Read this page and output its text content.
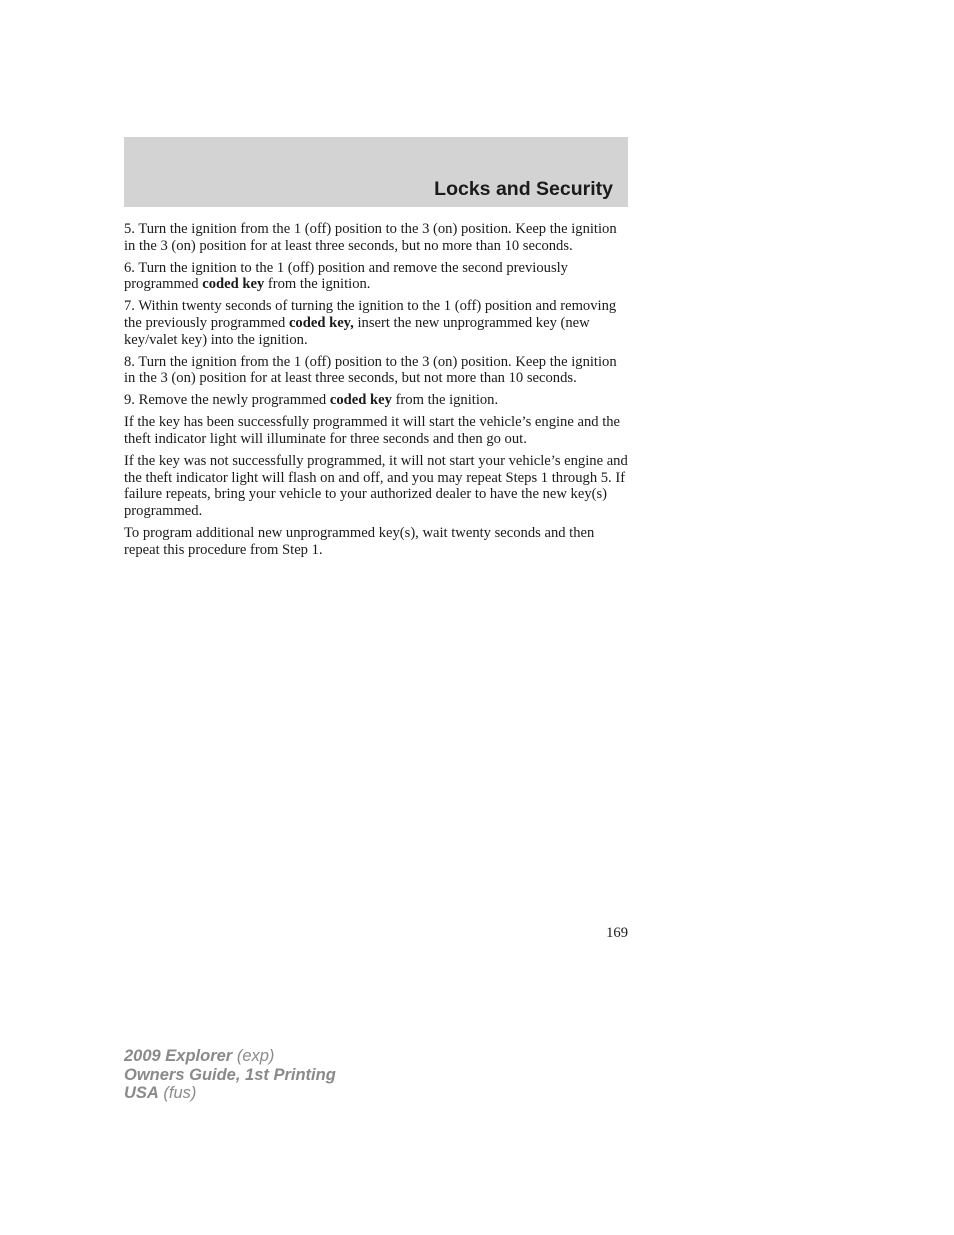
Locks and Security

5. Turn the ignition from the 1 (off) position to the 3 (on) position. Keep the ignition in the 3 (on) position for at least three seconds, but no more than 10 seconds.

6. Turn the ignition to the 1 (off) position and remove the second previously programmed coded key from the ignition.

7. Within twenty seconds of turning the ignition to the 1 (off) position and removing the previously programmed coded key, insert the new unprogrammed key (new key/valet key) into the ignition.

8. Turn the ignition from the 1 (off) position to the 3 (on) position. Keep the ignition in the 3 (on) position for at least three seconds, but not more than 10 seconds.

9. Remove the newly programmed coded key from the ignition.

If the key has been successfully programmed it will start the vehicle’s engine and the theft indicator light will illuminate for three seconds and then go out.

If the key was not successfully programmed, it will not start your vehicle’s engine and the theft indicator light will flash on and off, and you may repeat Steps 1 through 5. If failure repeats, bring your vehicle to your authorized dealer to have the new key(s) programmed.

To program additional new unprogrammed key(s), wait twenty seconds and then repeat this procedure from Step 1.

169
2009 Explorer (exp)
Owners Guide, 1st Printing
USA (fus)
